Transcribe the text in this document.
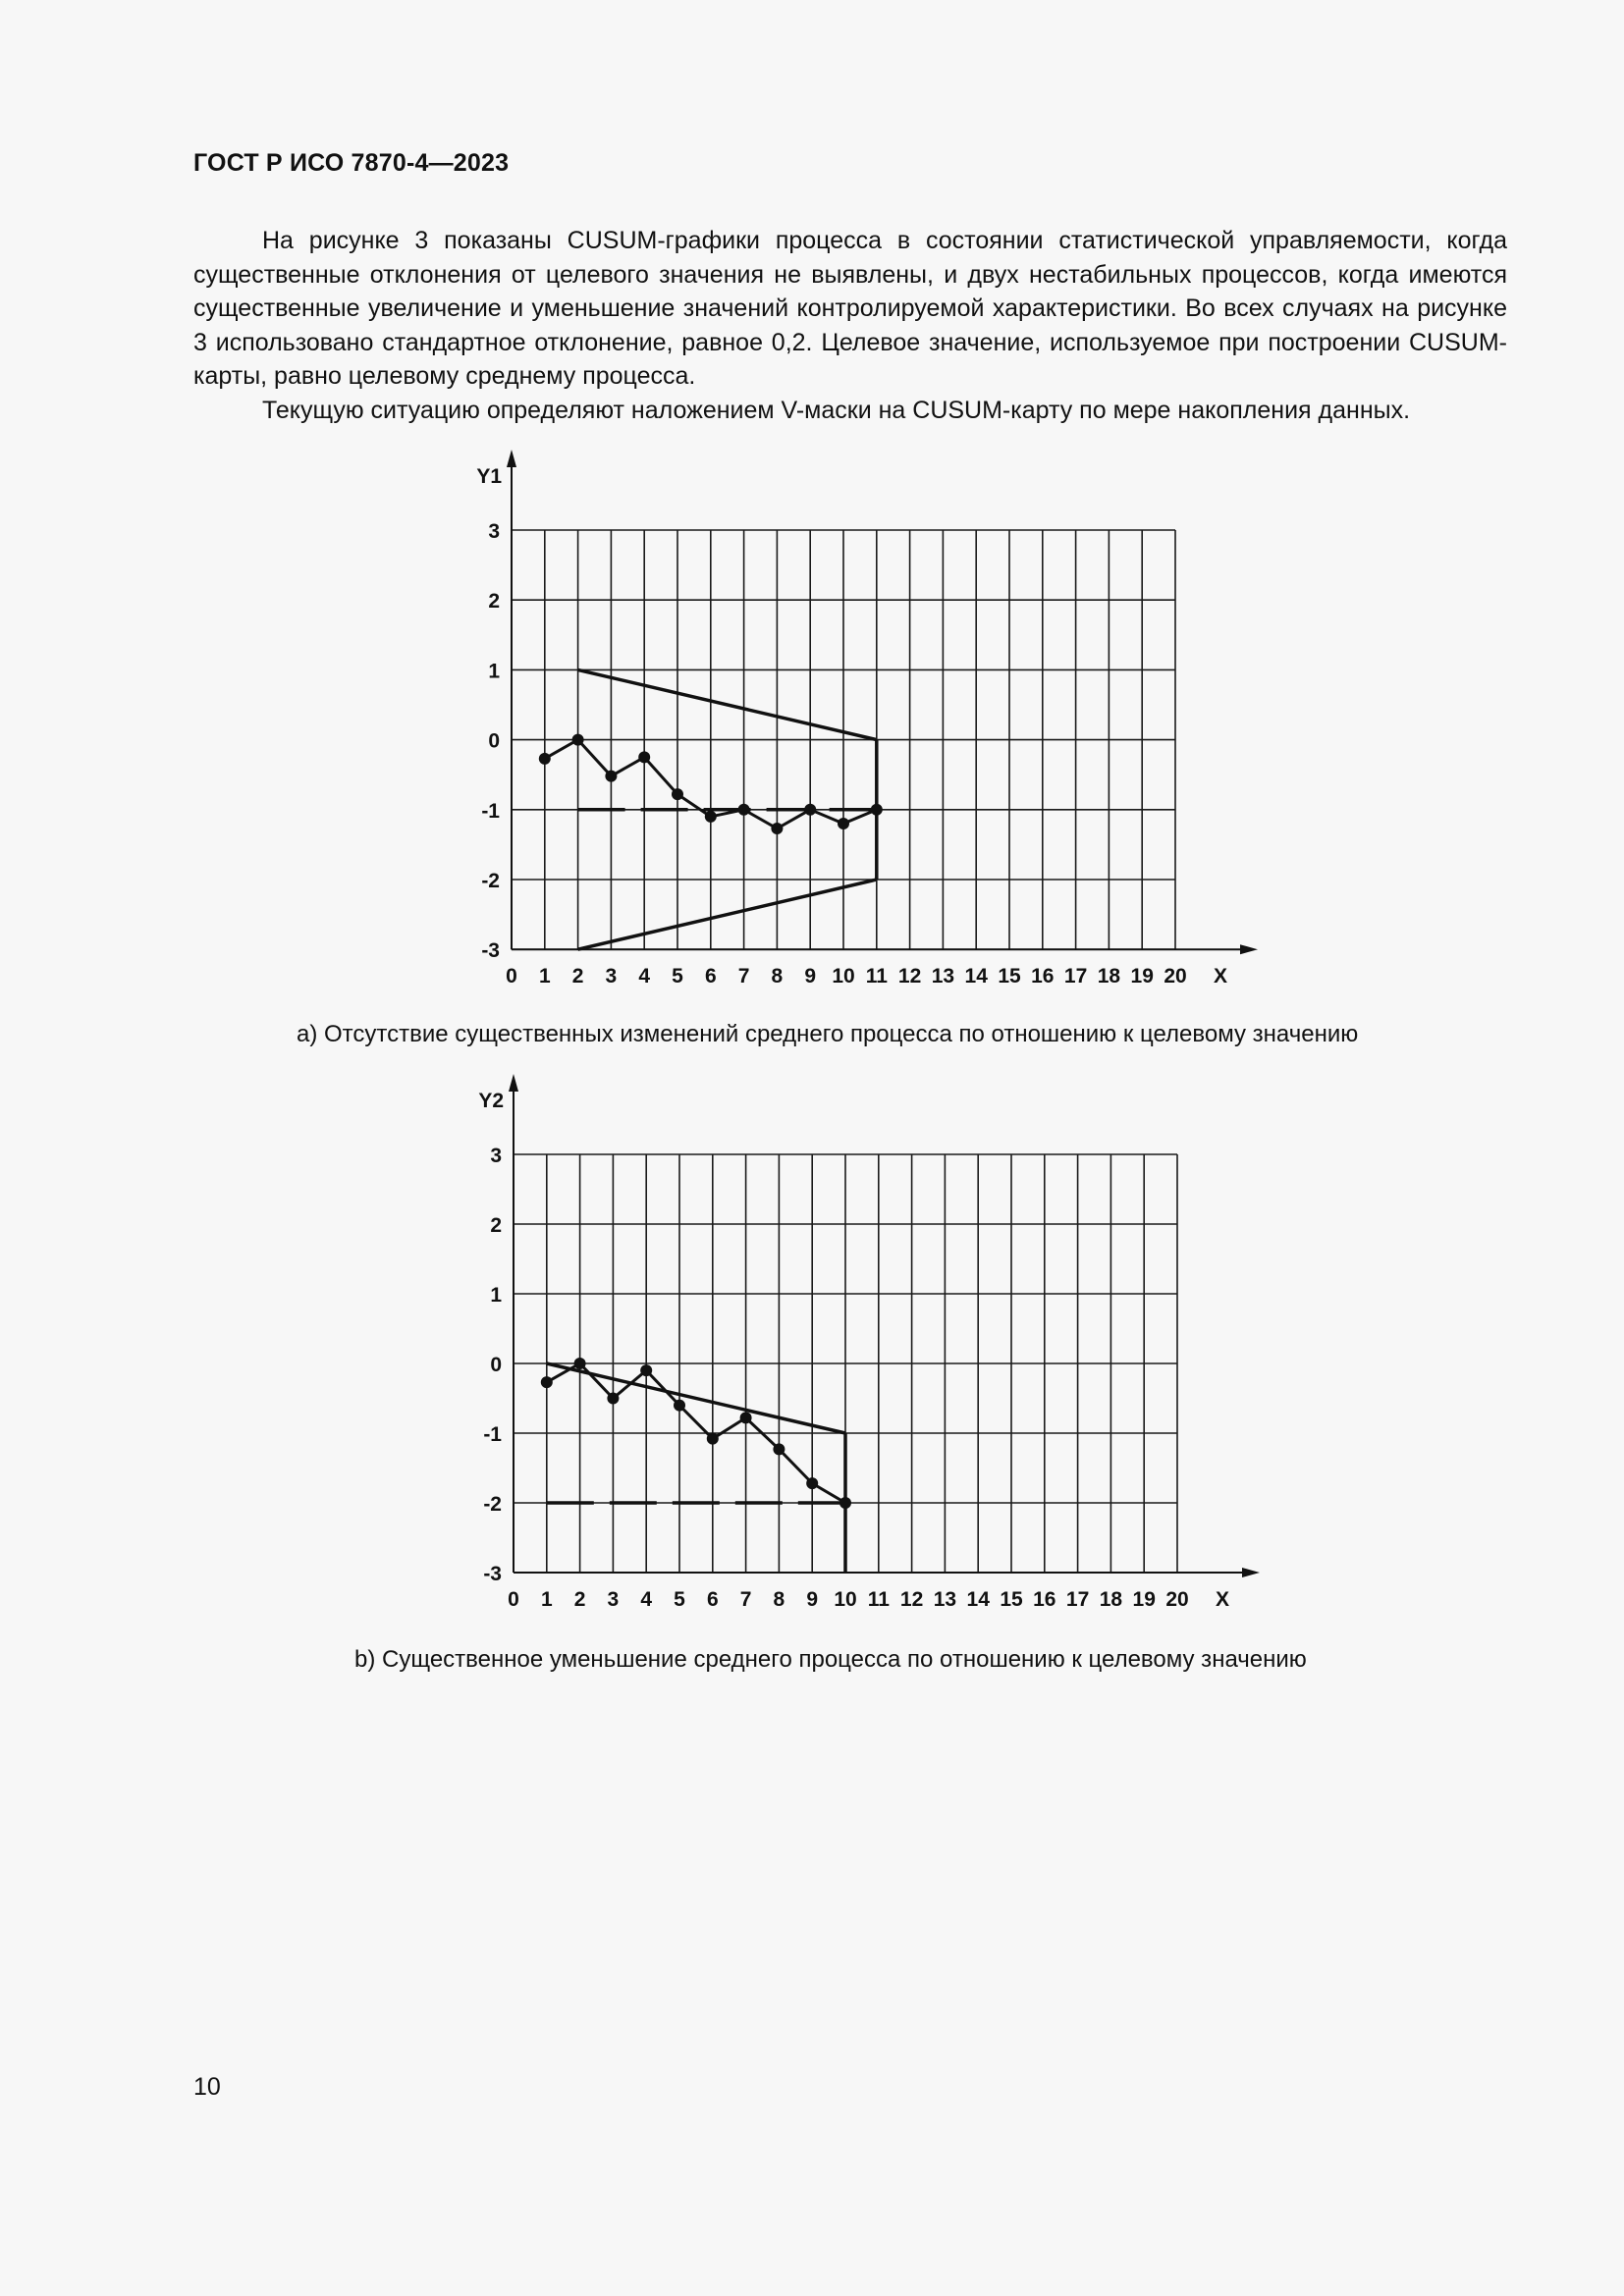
ГОСТ Р ИСО 7870-4—2023

На рисунке 3 показаны CUSUM-графики процесса в состоянии статистической управляемости, когда существенные отклонения от целевого значения не выявлены, и двух нестабильных процессов, когда имеются существенные увеличение и уменьшение значений контролируемой характеристики. Во всех случаях на рисунке 3 использовано стандартное отклонение, равное 0,2. Целевое значение, используемое при построении CUSUM-карты, равно целевому среднему процесса.

Текущую ситуацию определяют наложением V-маски на CUSUM-карту по мере накопления данных.

3
2
1
0
-1
-2
-3
0 1 2 3 4 5 6 7 8 9 10 11 12 13 14 15 16 17 18 19 20 X
Y1
a) Отсутствие существенных изменений среднего процесса по отношению к целевому значению
3
2
1
0
-1
-2
-3
0 1 2 3 4 5 6 7 8 9 10 11 12 13 14 15 16 17 18 19 20 X
Y2
b) Существенное уменьшение среднего процесса по отношению к целевому значению
10
